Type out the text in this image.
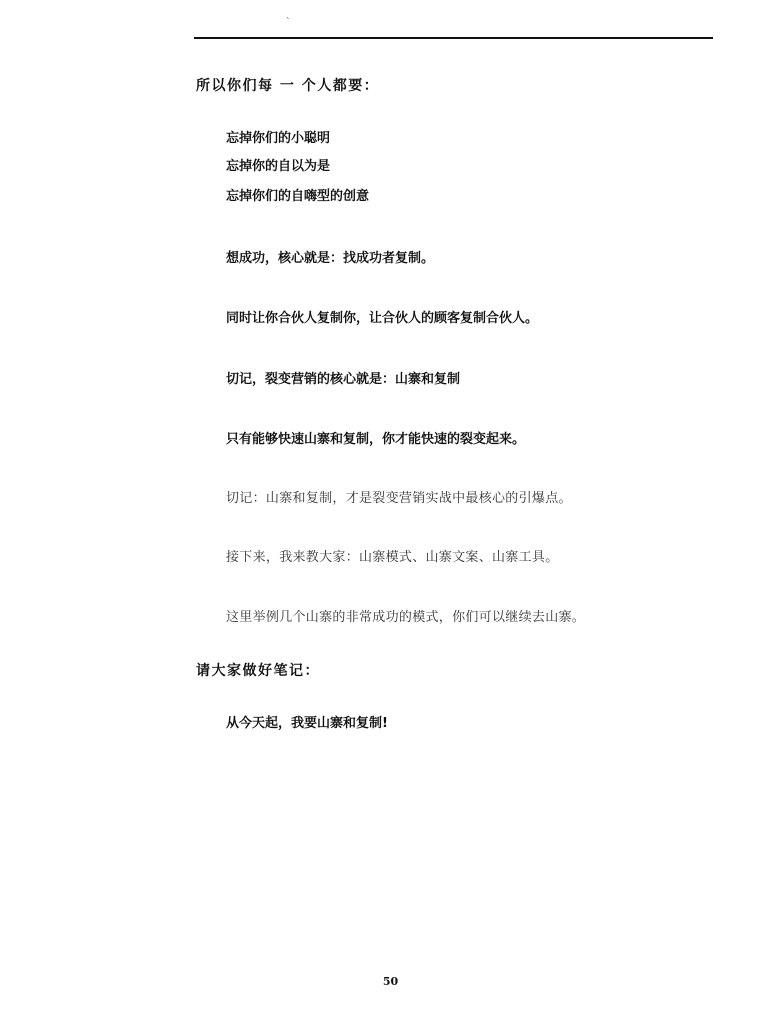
`
所以你们每 一 个人都要：
忘掉你们的小聪明
忘掉你的自以为是
忘掉你们的自嗨型的创意
想成功，核心就是：找成功者复制。
同时让你合伙人复制你，让合伙人的顾客复制合伙人。
切记，裂变营销的核心就是：山寨和复制
只有能够快速山寨和复制，你才能快速的裂变起来。
切记：山寨和复制，才是裂变营销实战中最核心的引爆点。
接下来，我来教大家：山寨模式、山寨文案、山寨工具。
这里举例几个山寨的非常成功的模式，你们可以继续去山寨。
请大家做好笔记：
从今天起，我要山寨和复制!
50
